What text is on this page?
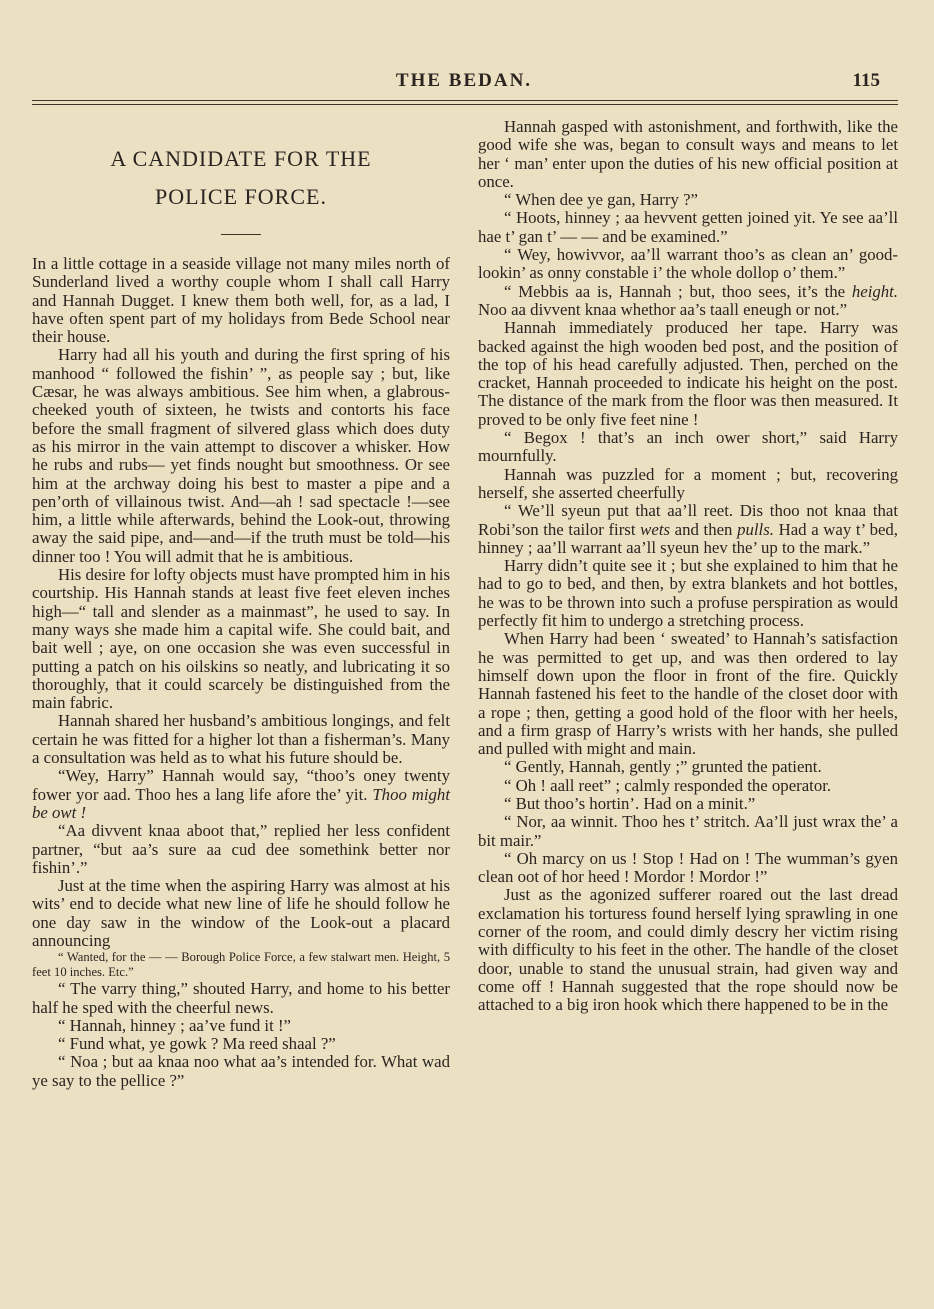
THE BEDAN.	115
A CANDIDATE FOR THE
POLICE FORCE.

In a little cottage in a seaside village not many miles north of Sunderland lived a worthy couple whom I shall call Harry and Hannah Dugget. I knew them both well, for, as a lad, I have often spent part of my holidays from Bede School near their house.

Harry had all his youth and during the first spring of his manhood “ followed the fishin’ ”, as people say ; but, like Cæsar, he was always ambitious. See him when, a glabrous-cheeked youth of sixteen, he twists and contorts his face before the small fragment of silvered glass which does duty as his mirror in the vain attempt to discover a whisker. How he rubs and rubs— yet finds nought but smoothness. Or see him at the archway doing his best to master a pipe and a pen’orth of villainous twist. And—ah ! sad spectacle !—see him, a little while afterwards, behind the Look-out, throwing away the said pipe, and—and—if the truth must be told—his dinner too ! You will admit that he is ambitious.

His desire for lofty objects must have prompted him in his courtship. His Hannah stands at least five feet eleven inches high—“ tall and slender as a mainmast”, he used to say. In many ways she made him a capital wife. She could bait, and bait well ; aye, on one occasion she was even successful in putting a patch on his oilskins so neatly, and lubricating it so thoroughly, that it could scarcely be distinguished from the main fabric.

Hannah shared her husband’s ambitious longings, and felt certain he was fitted for a higher lot than a fisherman’s. Many a consultation was held as to what his future should be.

“Wey, Harry” Hannah would say, “thoo’s oney twenty fower yor aad. Thoo hes a lang life afore the’ yit. Thoo might be owt !

“Aa divvent knaa aboot that,” replied her less confident partner, “but aa’s sure aa cud dee somethink better nor fishin’.”

Just at the time when the aspiring Harry was almost at his wits’ end to decide what new line of life he should follow he one day saw in the window of the Look-out a placard announcing

“ Wanted, for the — — Borough Police Force, a few stalwart men. Height, 5 feet 10 inches. Etc.”

“ The varry thing,” shouted Harry, and home to his better half he sped with the cheerful news.

“ Hannah, hinney ; aa’ve fund it !”

“ Fund what, ye gowk ? Ma reed shaal ?”

“ Noa ; but aa knaa noo what aa’s intended for. What wad ye say to the pellice ?”

Hannah gasped with astonishment, and forthwith, like the good wife she was, began to consult ways and means to let her ‘ man’ enter upon the duties of his new official position at once.

“ When dee ye gan, Harry ?”

“ Hoots, hinney ; aa hevvent getten joined yit. Ye see aa’ll hae t’ gan t’ — — and be examined.”

“ Wey, howivvor, aa’ll warrant thoo’s as clean an’ good-lookin’ as onny constable i’ the whole dollop o’ them.”

“ Mebbis aa is, Hannah ; but, thoo sees, it’s the height. Noo aa divvent knaa whethor aa’s taall eneugh or not.”

Hannah immediately produced her tape. Harry was backed against the high wooden bed post, and the position of the top of his head carefully adjusted. Then, perched on the cracket, Hannah proceeded to indicate his height on the post. The distance of the mark from the floor was then measured. It proved to be only five feet nine !

“ Begox ! that’s an inch ower short,” said Harry mournfully.

Hannah was puzzled for a moment ; but, recovering herself, she asserted cheerfully

“ We’ll syeun put that aa’ll reet. Dis thoo not knaa that Robi’son the tailor first wets and then pulls. Had a way t’ bed, hinney ; aa’ll warrant aa’ll syeun hev the’ up to the mark.”

Harry didn’t quite see it ; but she explained to him that he had to go to bed, and then, by extra blankets and hot bottles, he was to be thrown into such a profuse perspiration as would perfectly fit him to undergo a stretching process.

When Harry had been ‘ sweated’ to Hannah’s satisfaction he was permitted to get up, and was then ordered to lay himself down upon the floor in front of the fire. Quickly Hannah fastened his feet to the handle of the closet door with a rope ; then, getting a good hold of the floor with her heels, and a firm grasp of Harry’s wrists with her hands, she pulled and pulled with might and main.

“ Gently, Hannah, gently ;” grunted the patient.

“ Oh ! aall reet” ; calmly responded the operator.

“ But thoo’s hortin’. Had on a minit.”

“ Nor, aa winnit. Thoo hes t’ stritch. Aa’ll just wrax the’ a bit mair.”

“ Oh marcy on us ! Stop ! Had on ! The wumman’s gyen clean oot of hor heed ! Mordor ! Mordor !”

Just as the agonized sufferer roared out the last dread exclamation his torturess found herself lying sprawling in one corner of the room, and could dimly descry her victim rising with difficulty to his feet in the other. The handle of the closet door, unable to stand the unusual strain, had given way and come off ! Hannah suggested that the rope should now be attached to a big iron hook which there happened to be in the
